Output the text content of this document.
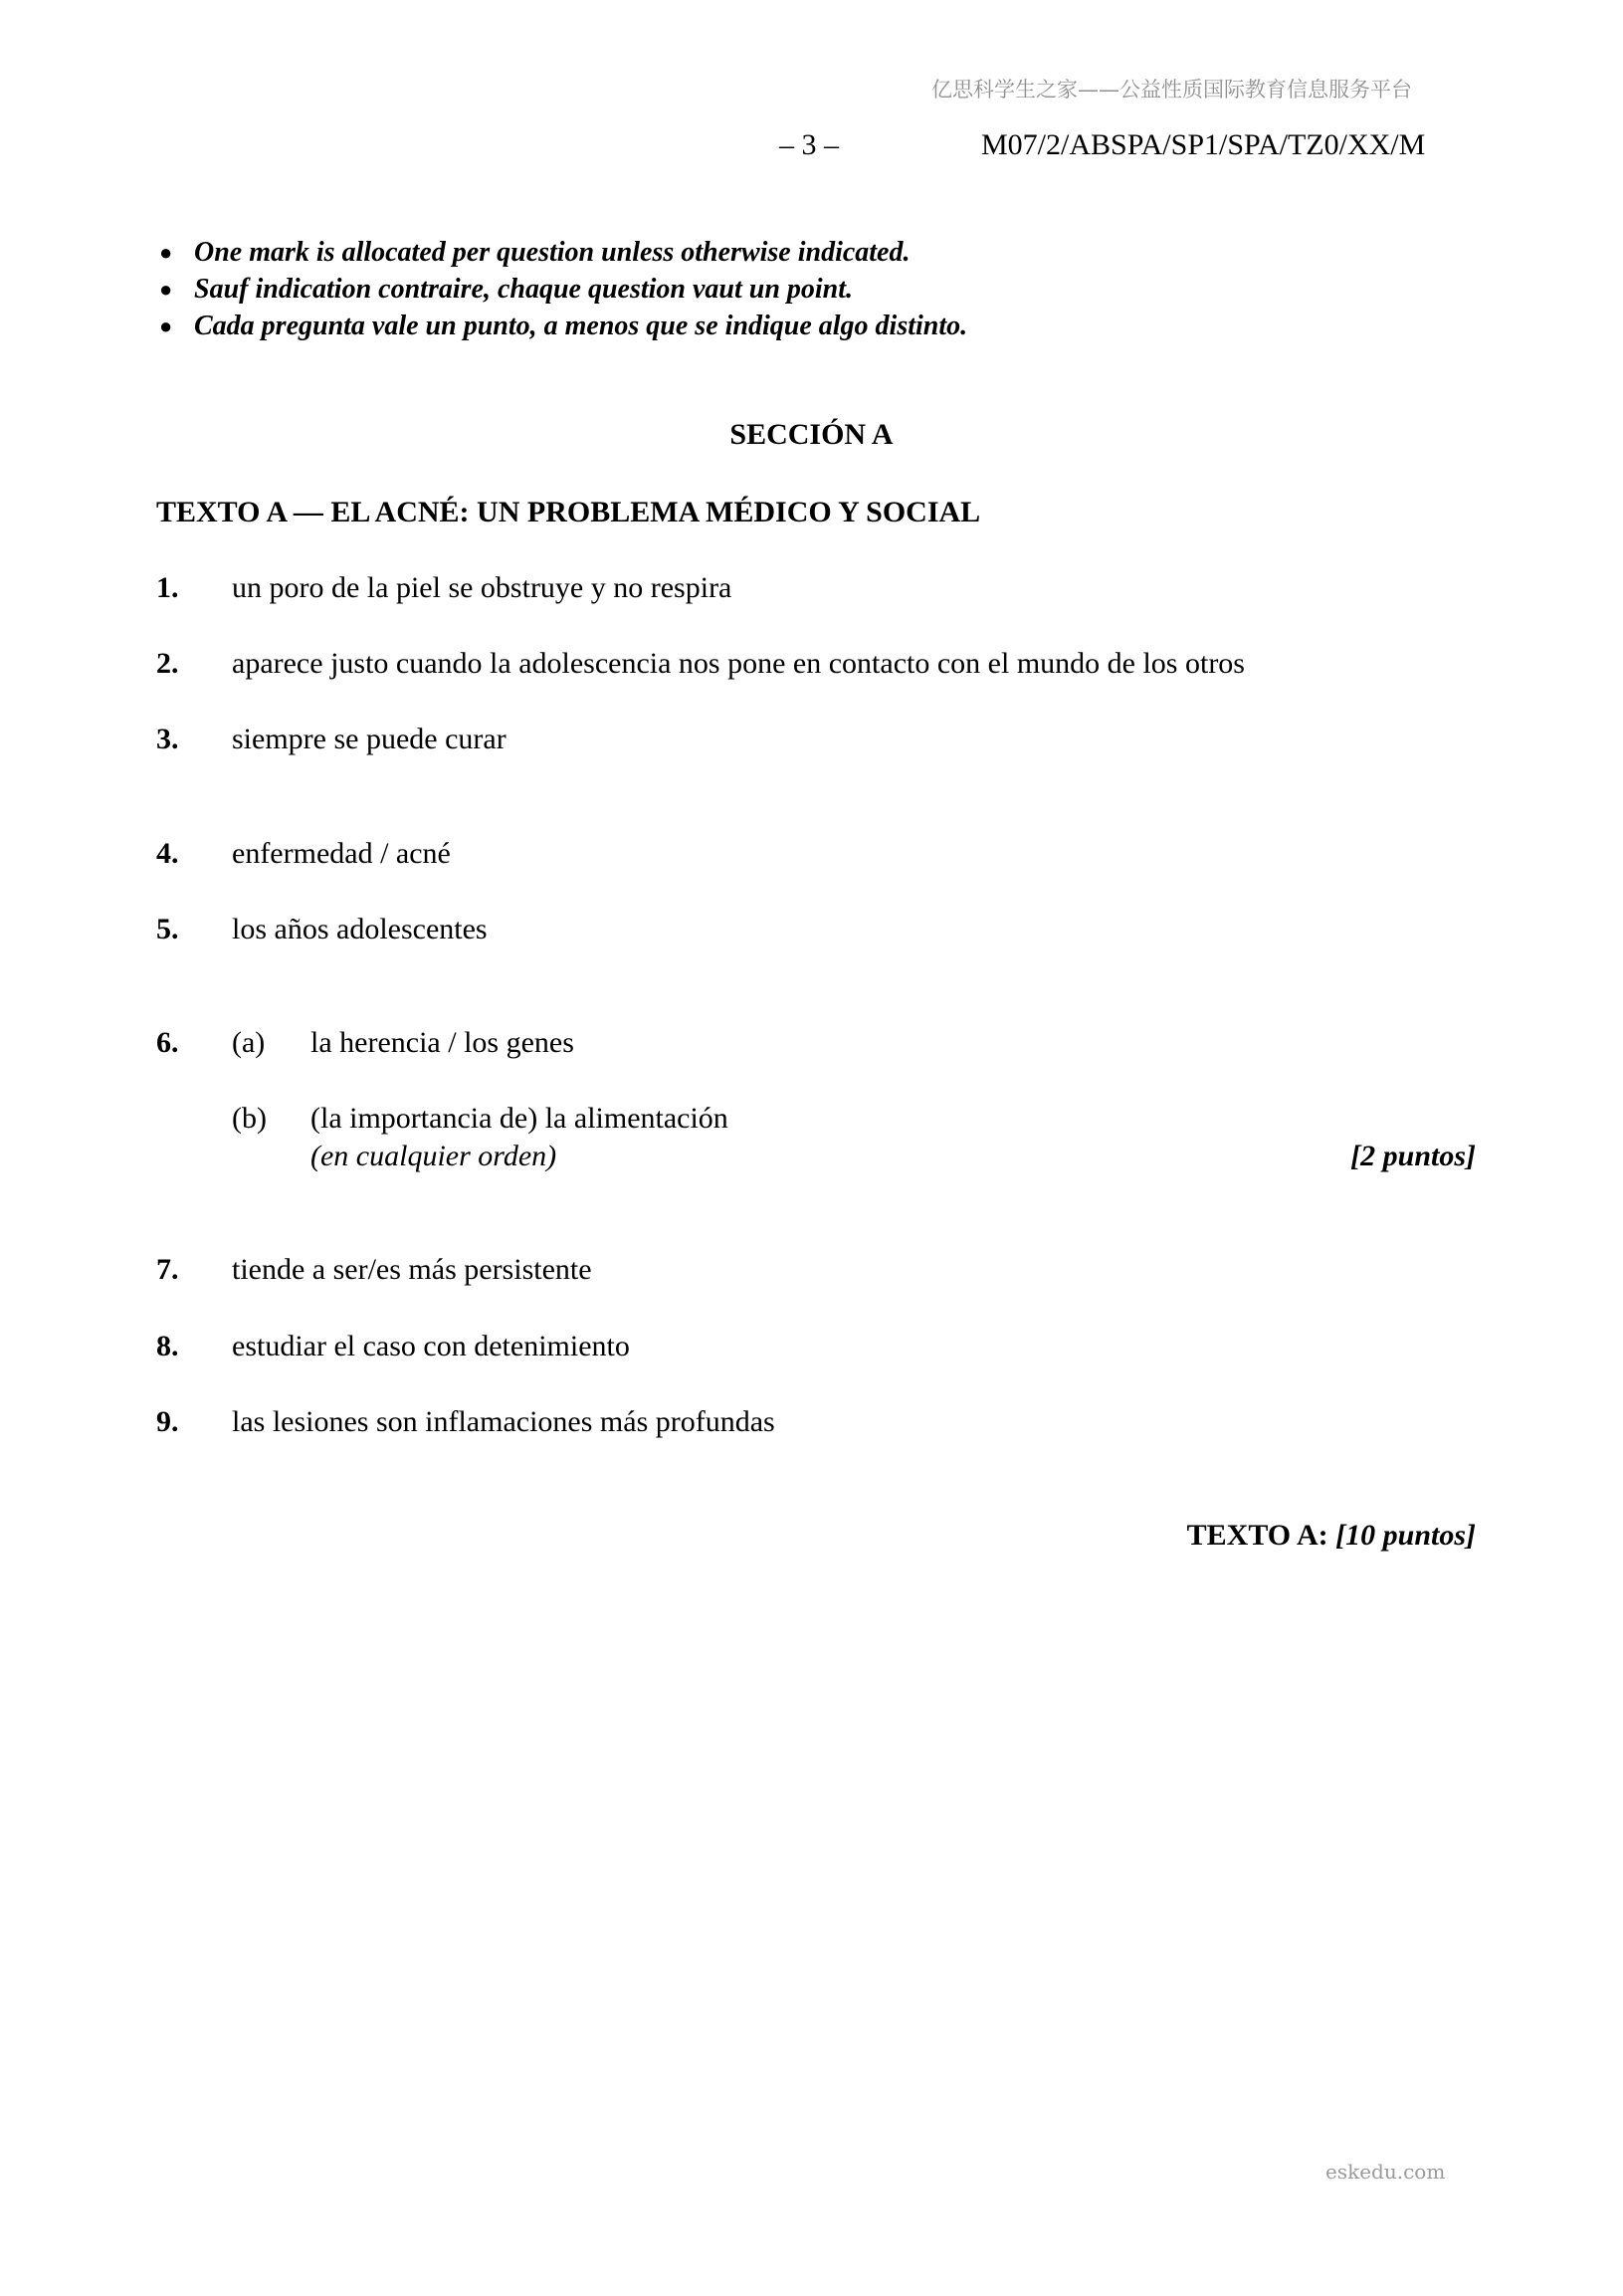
亿思科学生之家——公益性质国际教育信息服务平台
– 3 –	M07/2/ABSPA/SP1/SPA/TZ0/XX/M
● One mark is allocated per question unless otherwise indicated.
● Sauf indication contraire, chaque question vaut un point.
● Cada pregunta vale un punto, a menos que se indique algo distinto.
SECCIÓN A
TEXTO A — EL ACNÉ: UN PROBLEMA MÉDICO Y SOCIAL
1. un poro de la piel se obstruye y no respira
2. aparece justo cuando la adolescencia nos pone en contacto con el mundo de los otros
3. siempre se puede curar
4. enfermedad / acné
5. los años adolescentes
6. (a) la herencia / los genes
(b) (la importancia de) la alimentación
(en cualquier orden)	[2 puntos]
7. tiende a ser/es más persistente
8. estudiar el caso con detenimiento
9. las lesiones son inflamaciones más profundas
TEXTO A: [10 puntos]
eskedu.com
